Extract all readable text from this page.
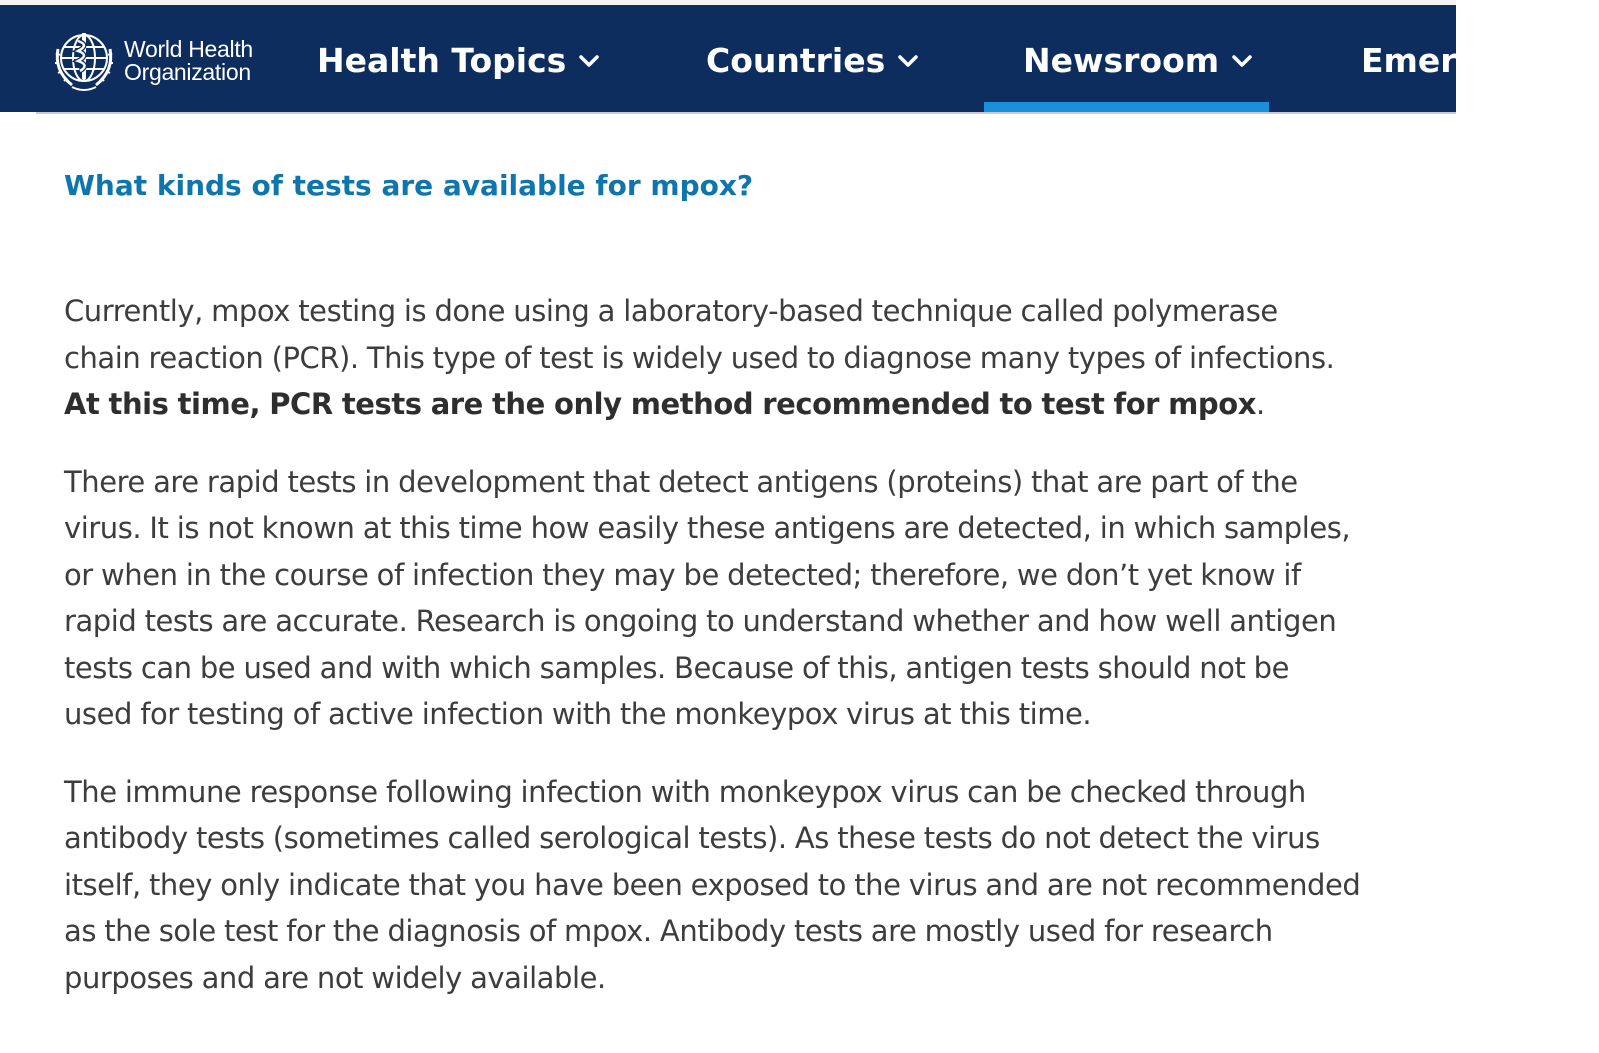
World Health
Organization Health Topics	Countries	Newsroom	Emergencies
What kinds of tests are available for mpox?

Currently, mpox testing is done using a laboratory-based technique called polymerase
chain reaction (PCR). This type of test is widely used to diagnose many types of infections.
At this time, PCR tests are the only method recommended to test for mpox.

There are rapid tests in development that detect antigens (proteins) that are part of the
virus. It is not known at this time how easily these antigens are detected, in which samples,
or when in the course of infection they may be detected; therefore, we don’t yet know if
rapid tests are accurate. Research is ongoing to understand whether and how well antigen
tests can be used and with which samples. Because of this, antigen tests should not be
used for testing of active infection with the monkeypox virus at this time.

The immune response following infection with monkeypox virus can be checked through
antibody tests (sometimes called serological tests). As these tests do not detect the virus
itself, they only indicate that you have been exposed to the virus and are not recommended
as the sole test for the diagnosis of mpox. Antibody tests are mostly used for research
purposes and are not widely available.
